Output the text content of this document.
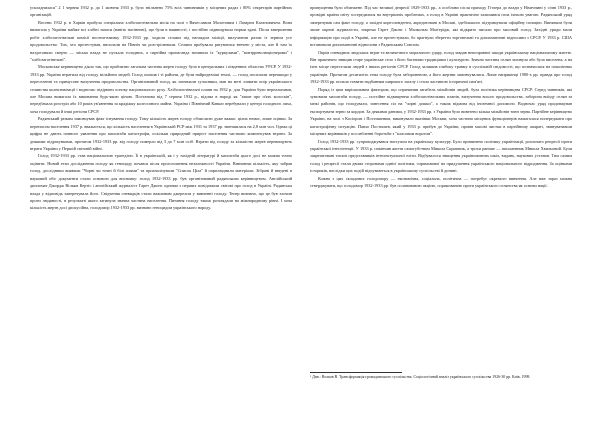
ускладнилася" 2 1 червня 1932 р. до 1 жовтня 1933 р. було звільнено 75% всіх чиновників у місцевих радах і 80% секретарів партійних організацій.

Восени 1932 р. в Харків прибула спеціальна хлібозаготівельна місія на чолі з Вячеславом Молотовим і Лазарем Кагановичем. Вона вимагала у України майже всі хлібні запаси (навіть насіннєві), що були в наявності, і постійно підвищувала норми здачі. Після завершення робіт хлібозаготівельні комісії восени-взимку 1932-1933 рр. ходили селами під наглядом міліції, вилучаючи разом із зерном усе продовольство. Тих, хто протестував, висилали на Північ чи розстрілювали. Селяни пробували рятуватися втечею у міста, але й там їх наздоганяли смерть — міська влада не пускала голодних, а партійна пропаганда називала їх "куркулями", "контрреволюціонерами" і "хлібозаготівельні".

Московське керівництво діяло так, що приблизно загальна частина жертв голоду була в центральних і південних областях УРСР. У 1932-1933 рр. Україна втратила від голоду мільйони людей. Голод охопив і ті райони, де були найродючіші землі, — голод посилили перешкоди у переселенні та примусове вилучення продовольства. Організований голод, як зазначали сучасники, мав на меті зламати опір українського селянства колективізації і водночас підірвати основу національного руху. Хлібозаготівельні плани на 1932 р. для України були нереальними, але Москва вимагала їх виконання будь-якою ціною. Постанова від 7 серпня 1932 р., відома в народі як "закон про п'ять колосків", передбачала розстріл або 10 років ув'язнення за крадіжку колгоспного майна. Україна і Північний Кавказ перебували у центрі голодного лиха, хоча голодували й інші регіони СРСР.

Радянський режим замовчував факт існування голоду. Тому кількість жертв голоду обчислити дуже важко: цілих немає, лише оцінки. За переписом населення 1937 р. вважається, що кількість населення в Українській РСР між 1931 та 1937 рр. зменшилася на 2,8 млн чол. Однак ці цифри не дають повного уявлення про масштаби катастрофи, оскільки природний приріст населення частково компенсував втрати. За деякими підрахунками, протягом 1932-1933 рр. від голоду померло від 3 до 7 млн осіб. Втрати від голоду за кількістю жертв перевищують втрати України у Першій світовій війні.

Голод 1932-1933 рр. став національною трагедією. Її в українській, як і у західній літературі й масштаби цього досі не можна точно оцінити. Новий етап дослідження голоду як геноциду почався після проголошення незалежності України. Вивчаючи кількість, яку забрав голод, дослідники виявили "Чорні чи точні й білі плями" та проаналізували "Список Ціла" й оприлюднили матеріали. Зібрані й введені в науковий обіг документи стали основою для висновку: голод 1932-1933 рр. був організований радянським керівництвом. Англійський дипломат Джордж Вільям Кертіс і англійський журналіст Гарет Джонс одними з перших повідомили світові про голод в Україні. Радянська влада у відповідь заперечувала його. Свідчення очевидців стали важливим джерелом у вивченні голоду. Тепер визнано, що це був злочин проти людяності, в результаті якого загинула значна частина населення. Питання голоду також розглядали на міжнародному рівні. І хоча кількість жертв досі дискусійна, голодомор 1932-1933 рр. визнано геноцидом українського народу.

припущення було обмежене. Під час великої депресії 1929-1933 рр., а особливо після приходу Гітлера до влади у Німеччині у січні 1933 р., провідні країни світу зосередилися на внутрішніх проблемах, а голод в Україні практично залишився поза їхньою увагою. Радянський уряд заперечував сам факт голоду, а західні кореспонденти, акредитовані в Москві, здебільшого підтримували офіційну позицію. Винятком були лише окремі журналісти, зокрема Гарет Джонс і Малкольм Маґґерідж, які відкрито писали про масовий голод. Західні уряди мали інформацію про події в Україні, але не протестували, бо прагнули зберегти торговельні та дипломатичні відносини з СРСР. У 1933 р. США встановили дипломатичні відносини з Радянським Союзом.

Окрім очевидних людських втрат та величезного морального удару, голод завдав непоправної шкоди українському національному життю. Він практично знищив старе українське село з його багатими традиціями і культурою. Значна частина селян загинула або була виселена, а на їхнє місце переселяли людей з інших регіонів СРСР. Голод залишив глибоку травму в суспільній свідомості, що позначилася на поколіннях українців. Протягом десятиліть тема голоду була забороненою, а його жертви замовчувалися. Лише наприкінці 1980-х рр. правда про голод 1932-1933 рр. почала ставати надбанням широкого загалу і стала частиною історичної пам'яті.

Поряд із цим вирішальним фактором, що спричинив загибель мільйонів людей, була політика керівництва СРСР. Серед чинників, які зумовили масштаби голоду, — постійне підвищення хлібозаготівельних планів, вилучення всього продовольства, заборона виїзду селян за межі районів, що голодували, занесення сіл на "чорні дошки", а також відмова від іноземної допомоги. Водночас уряд продовжував експортувати зерно за кордон. За деякими даними, у 1932-1933 рр. з України було вивезено кілька мільйонів тонн зерна. Партійне керівництво України, на чолі з Косіором і Постишевим, виконувало вказівки Москви, хоча частина місцевих функціонерів намагалася попереджати про катастрофічну ситуацію. Павло Постишев, який у 1933 р. прибув до України, провів масові чистки в партійному апараті, звинувативши місцевих керівників у послабленні боротьби з "класовим ворогом".

Голод 1932-1933 рр. супроводжувався наступом на українську культуру. Було припинено політику українізації, розпочато репресії проти української інтелігенції. У 1933 р. покінчив життя самогубством Микола Скрипник, а трохи раніше — письменник Микола Хвильовий. Були заарештовані тисячі представників інтелектуальної еліти. Відбувалося знищення україномовних шкіл, видань, наукових установ. Тим самим голод і репресії стали двома сторонами однієї політики, спрямованої на придушення українського національного відродження. За оцінками істориків, наслідки цих подій відчуваються в українському суспільстві й донині.

Кожна з цих складових голодомору — економічна, соціальна, політична — потребує окремого вивчення. Але вже зараз можна стверджувати, що голодомор 1932-1933 рр. був спланованою акцією, спрямованою проти українського селянства як основи нації.

¹ Див.: Волков В. Трансформація громадянського суспільства. Соціологічний аналіз українського суспільства 1926-30 рр. Київ, 1998.
